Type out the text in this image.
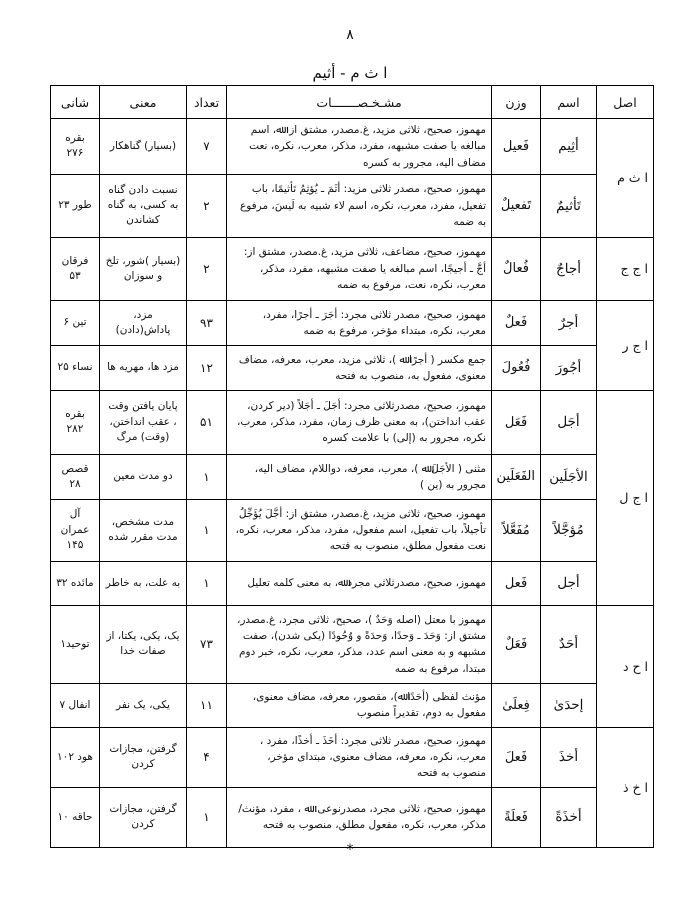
۸
ا ث م - أثيم
اصل	اسم	وزن	مشـخـصـــــــات	تعداد	معنی	شانی
ا ث م	أثِيم	فَعيل	مهموز، صحيح، ثلاثی مزيد، غ.مصدر، مشتق از: ﷲ، اسم مبالغه يا صفت مشبهه، مفرد، مذکر، معرب، نکره، نعت مضاف اليه، مجرور به کسره	۷	(بسيار) گناهکار	بقره ۲۷۶
	تَأثيمٌ	تَفعيلٌ	مهموز، صحيح، مصدر ثلاثی مزيد: أثَمَ ـ يُؤثِمُ تَأثيمًا، باب تفعيل، مفرد، معرب، نکره، اسم لاء شبيه به لَيسَ، مرفوع به ضمه	۲	نسبت دادن گناه به کسی، به گناه کشاندن	طور ۲۳
ا ج ج	أجاجٌ	فُعالٌ	مهموز، صحيح، مضاعف، ثلاثی مزيد، غ.مصدر، مشتق از: أجَّ ـ أجيجًا، اسم مبالغه يا صفت مشبهه، مفرد، مذکر، معرب، نکره، نعت، مرفوع به ضمه	۲	(بسيار )شور، تلخ و سوزان	فرقان ۵۳
ا ج ر	أجرٌ	فَعلٌ	مهموز، صحيح، مصدر ثلاثی مجرد: أجَرَ ـ أجرًا، مفرد، معرب، نکره، مبتداء مؤخر، مرفوع به ضمه	۹۳	مزد، پاداش(دادن)	تين ۶
	أجُورَ	فُعُولَ	جمع مکسر ( أجرًا ﷲ )، ثلاثی مزيد، معرب، معرفه، مضاف معنوی، مفعول به، منصوب به فتحه	۱۲	مزد ها، مهريه ها	نساء ۲۵
ا ج ل	أجَل	فَعَل	مهموز، صحيح، مصدرثلاثی مجرد: أجَلَ ـ أجَلاً (دير کردن، عقب انداختن)، به معنی ظرف زمان، مفرد، مذکر، معرب، نکره، مجرور به (إلی) با علامت کسره	۵۱	پايان يافتن وقت ، عقب انداختن، (وقت) مرگ	بقره ۲۸۲
	الأجَلَين	الفَعَلَين	مثنی ( الأجَلَ ﷲ )، معرب، معرفه، دواللام، مضاف اليه، مجرور به (ين )	۱	دو مدت معين	قصص ۲۸
	مُؤجَّلاً	مُفَعَّلاً	مهموز، صحيح، ثلاثی مزيد، غ.مصدر، مشتق از: أجَّلَ يُؤَجِّلُ تأجيلاً، باب تفعيل، اسم مفعول، مفرد، مذکر، معرب، نکره، نعت مفعول مطلق، منصوب به فتحه	۱	مدت مشخص، مدت مقرر شده	آل عمران ۱۴۵
	أجل	فَعل	مهموز، صحيح، مصدرثلاثی مجرد ﷲ، به معنی کلمه تعليل	۱	به علت، به خاطر	مائده ۳۲
ا ح د	أحَدٌ	فَعَلٌ	مهموز با معتل (اصله وَحَدٌ )، صحيح، ثلاثی مجرد، غ.مصدر، مشتق از: وَحَدَ ـ وَحدًا، وَحدَةً و وُحُودًا (يکی شدن)، صفت مشبهه و به معنی اسم عدد، مذکر، معرب، نکره، خبر دوم مبتدا، مرفوع به ضمه	۷۳	يک، يکی، يکتا، از صفات خدا	توحيد۱
	إحدَیٰ	فِعلَیٰ	مؤنث لفظی (أحَدًا ﷲ)، مقصور، معرفه، مضاف معنوی، مفعول به دوم، تقديراً منصوب	۱۱	يکی، يک نفر	انفال ۷
ا خ ذ	أخذَ	فَعلَ	مهموز، صحيح، مصدر ثلاثی مجرد: أخَذَ ـ أخذًا، مفرد ، معرب، نکره، معرفه، مضاف معنوی، مبتدای مؤخر، منصوب به فتحه	۴	گرفتن، مجازات کردن	هود ۱۰۲
	أخذَةً	فَعلَةً	مهموز، صحيح، ثلاثی مجرد، مصدرنوعی: ﷲ ، مفرد، مؤنث/مذکر، معرب، نکره، مفعول مطلق، منصوب به فتحه	۱	گرفتن، مجازات کردن	حاقه ۱۰
*
